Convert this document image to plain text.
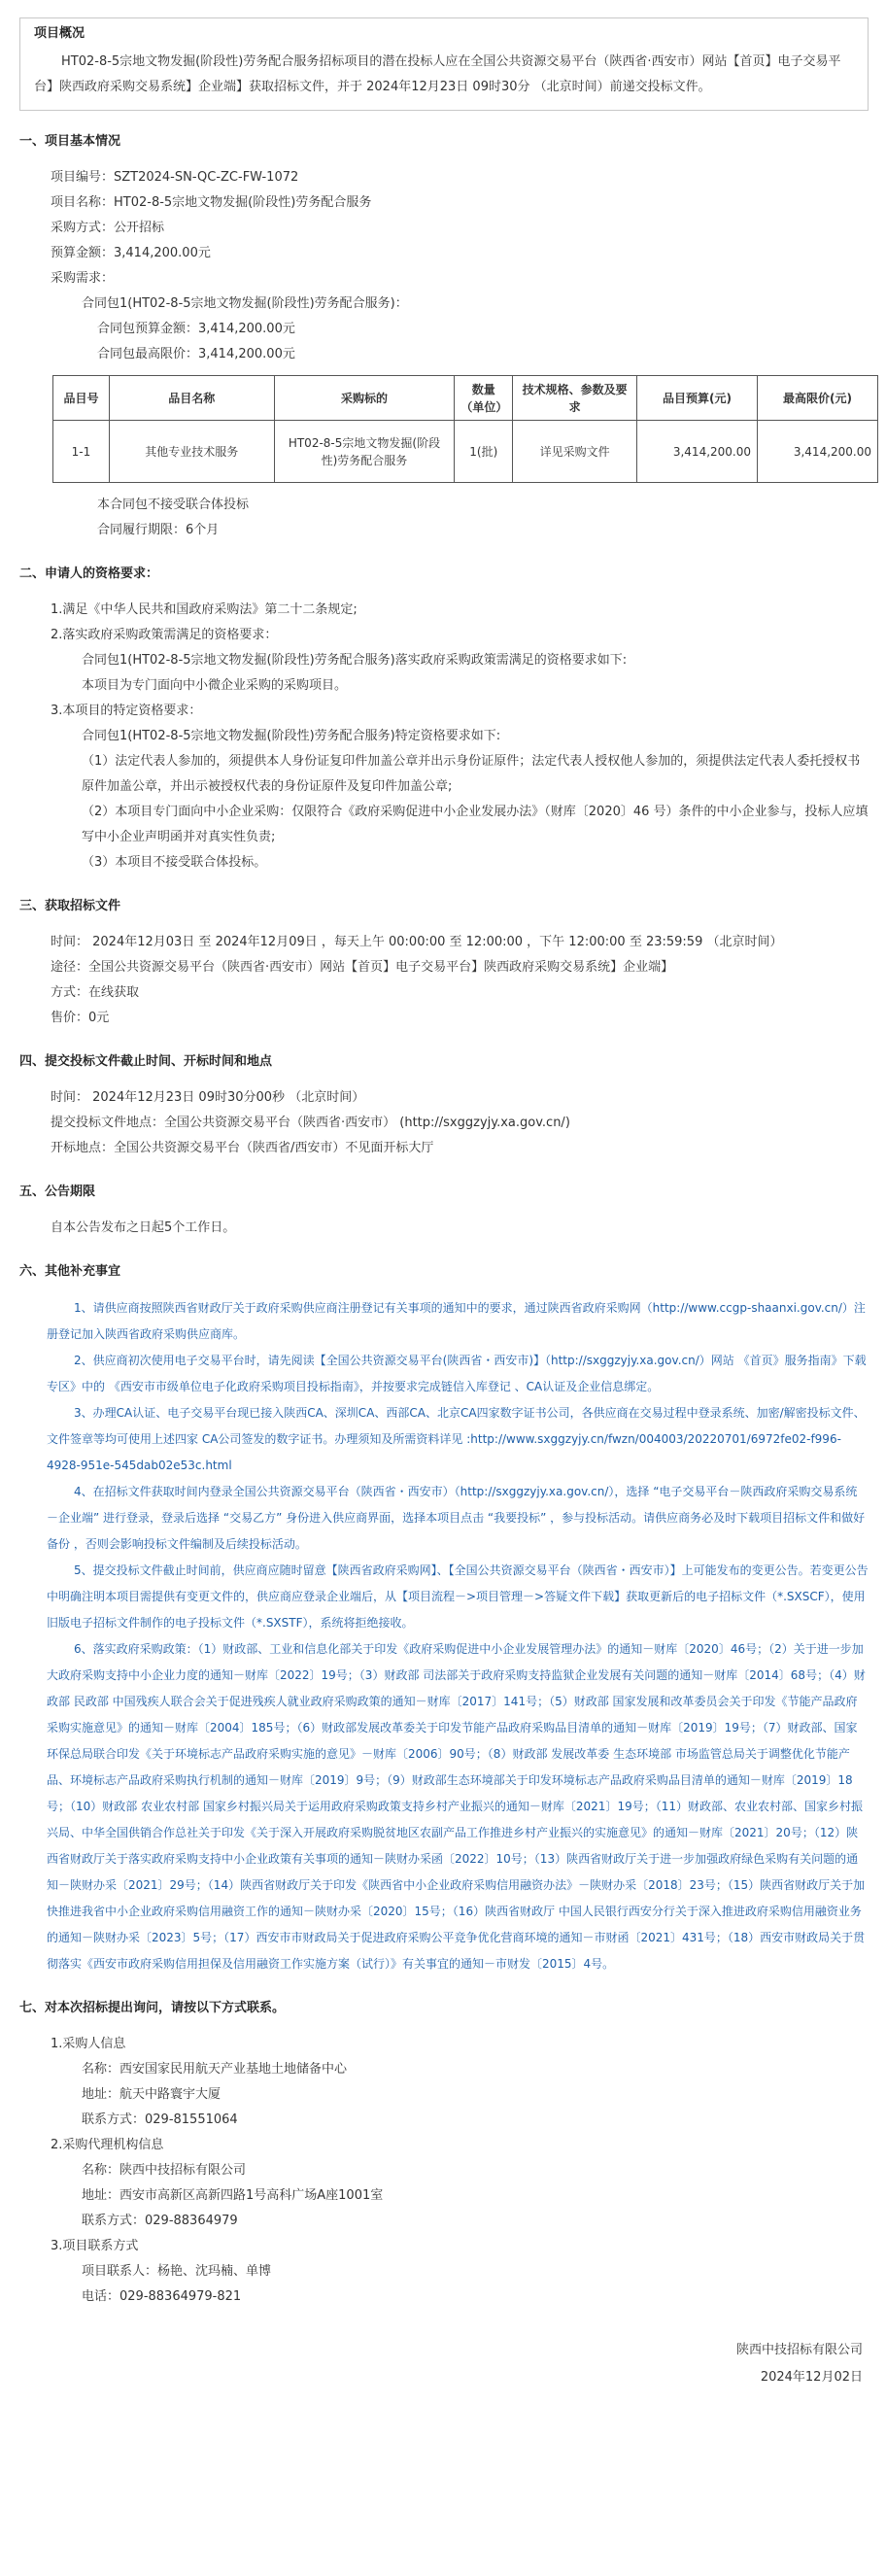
项目概况
HT02-8-5宗地文物发掘(阶段性)劳务配合服务招标项目的潜在投标人应在全国公共资源交易平台（陕西省·西安市）网站【首页】电子交易平台】陕西政府采购交易系统】企业端】获取招标文件，并于 2024年12月23日 09时30分 （北京时间）前递交投标文件。
一、项目基本情况
项目编号：SZT2024-SN-QC-ZC-FW-1072
项目名称：HT02-8-5宗地文物发掘(阶段性)劳务配合服务
采购方式：公开招标
预算金额：3,414,200.00元
采购需求：
合同包1(HT02-8-5宗地文物发掘(阶段性)劳务配合服务)：
合同包预算金额：3,414,200.00元
合同包最高限价：3,414,200.00元
品目号	品目名称	采购标的	数量（单位）	技术规格、参数及要求	品目预算(元)	最高限价(元)
1-1	其他专业技术服务	HT02-8-5宗地文物发掘(阶段性)劳务配合服务	1(批)	详见采购文件	3,414,200.00	3,414,200.00
本合同包不接受联合体投标
合同履行期限：6个月
二、申请人的资格要求：
1.满足《中华人民共和国政府采购法》第二十二条规定;
2.落实政府采购政策需满足的资格要求：
合同包1(HT02-8-5宗地文物发掘(阶段性)劳务配合服务)落实政府采购政策需满足的资格要求如下:
本项目为专门面向中小微企业采购的采购项目。
3.本项目的特定资格要求：
合同包1(HT02-8-5宗地文物发掘(阶段性)劳务配合服务)特定资格要求如下:
（1）法定代表人参加的，须提供本人身份证复印件加盖公章并出示身份证原件；法定代表人授权他人参加的，须提供法定代表人委托授权书原件加盖公章，并出示被授权代表的身份证原件及复印件加盖公章;
（2）本项目专门面向中小企业采购：仅限符合《政府采购促进中小企业发展办法》（财库〔2020〕46 号）条件的中小企业参与，投标人应填写中小企业声明函并对真实性负责;
（3）本项目不接受联合体投标。
三、获取招标文件
时间： 2024年12月03日 至 2024年12月09日 ，每天上午 00:00:00 至 12:00:00 ，下午 12:00:00 至 23:59:59 （北京时间）
途径：全国公共资源交易平台（陕西省·西安市）网站【首页】电子交易平台】陕西政府采购交易系统】企业端】
方式：在线获取
售价：0元
四、提交投标文件截止时间、开标时间和地点
时间： 2024年12月23日 09时30分00秒 （北京时间）
提交投标文件地点：全国公共资源交易平台（陕西省·西安市） (http://sxggzyjy.xa.gov.cn/)
开标地点：全国公共资源交易平台（陕西省/西安市）不见面开标大厅
五、公告期限
自本公告发布之日起5个工作日。
六、其他补充事宜
1、请供应商按照陕西省财政厅关于政府采购供应商注册登记有关事项的通知中的要求，通过陕西省政府采购网（http://www.ccgp-shaanxi.gov.cn/）注册登记加入陕西省政府采购供应商库。
2、供应商初次使用电子交易平台时，请先阅读【全国公共资源交易平台(陕西省・西安市)】（http://sxggzyjy.xa.gov.cn/）网站 《首页》服务指南》下载专区》中的 《西安市市级单位电子化政府采购项目投标指南》，并按要求完成链信入库登记 、CA认证及企业信息绑定。
3、办理CA认证、电子交易平台现已接入陕西CA、深圳CA、西部CA、北京CA四家数字证书公司，各供应商在交易过程中登录系统、加密/解密投标文件、文件签章等均可使用上述四家 CA公司签发的数字证书。办理须知及所需资料详见 :http://www.sxggzyjy.cn/fwzn/004003/20220701/6972fe02-f996-4928-951e-545dab02e53c.html
4、在招标文件获取时间内登录全国公共资源交易平台（陕西省・西安市）（http://sxggzyjy.xa.gov.cn/），选择 “电子交易平台－陕西政府采购交易系统－企业端” 进行登录，登录后选择 “交易乙方” 身份进入供应商界面，选择本项目点击 “我要投标” ，参与投标活动。请供应商务必及时下载项目招标文件和做好备份 ，否则会影响投标文件编制及后续投标活动。
5、提交投标文件截止时间前，供应商应随时留意【陕西省政府采购网】、【全国公共资源交易平台（陕西省・西安市）】上可能发布的变更公告。若变更公告中明确注明本项目需提供有变更文件的，供应商应登录企业端后，从【项目流程－>项目管理－>答疑文件下载】获取更新后的电子招标文件（*.SXSCF），使用旧版电子招标文件制作的电子投标文件（*.SXSTF），系统将拒绝接收。
6、落实政府采购政策：（1）财政部、工业和信息化部关于印发《政府采购促进中小企业发展管理办法》的通知－财库〔2020〕46号；（2）关于进一步加大政府采购支持中小企业力度的通知－财库〔2022〕19号；（3）财政部 司法部关于政府采购支持监狱企业发展有关问题的通知－财库〔2014〕68号；（4）财政部 民政部 中国残疾人联合会关于促进残疾人就业政府采购政策的通知－财库〔2017〕141号；（5）财政部 国家发展和改革委员会关于印发《节能产品政府采购实施意见》的通知－财库〔2004〕185号；（6）财政部发展改革委关于印发节能产品政府采购品目清单的通知－财库〔2019〕19号；（7）财政部、国家环保总局联合印发《关于环境标志产品政府采购实施的意见》－财库〔2006〕90号；（8）财政部 发展改革委 生态环境部 市场监管总局关于调整优化节能产品、环境标志产品政府采购执行机制的通知－财库〔2019〕9号；（9）财政部生态环境部关于印发环境标志产品政府采购品目清单的通知－财库〔2019〕18号；（10）财政部 农业农村部 国家乡村振兴局关于运用政府采购政策支持乡村产业振兴的通知－财库〔2021〕19号；（11）财政部、农业农村部、国家乡村振兴局、中华全国供销合作总社关于印发《关于深入开展政府采购脱贫地区农副产品工作推进乡村产业振兴的实施意见》的通知－财库〔2021〕20号；（12）陕西省财政厅关于落实政府采购支持中小企业政策有关事项的通知－陕财办采函〔2022〕10号；（13）陕西省财政厅关于进一步加强政府绿色采购有关问题的通知－陕财办采〔2021〕29号；（14）陕西省财政厅关于印发《陕西省中小企业政府采购信用融资办法》－陕财办采〔2018〕23号；（15）陕西省财政厅关于加快推进我省中小企业政府采购信用融资工作的通知－陕财办采〔2020〕15号；（16）陕西省财政厅 中国人民银行西安分行关于深入推进政府采购信用融资业务的通知－陕财办采〔2023〕5号；（17）西安市市财政局关于促进政府采购公平竞争优化营商环境的通知－市财函〔2021〕431号；（18）西安市财政局关于贯彻落实《西安市政府采购信用担保及信用融资工作实施方案（试行）》有关事宜的通知－市财发〔2015〕4号。
七、对本次招标提出询问，请按以下方式联系。
1.采购人信息
名称：西安国家民用航天产业基地土地储备中心
地址：航天中路寰宇大厦
联系方式：029-81551064
2.采购代理机构信息
名称：陕西中技招标有限公司
地址：西安市高新区高新四路1号高科广场A座1001室
联系方式：029-88364979
3.项目联系方式
项目联系人：杨艳、沈玛楠、单博
电话：029-88364979-821
陕西中技招标有限公司
2024年12月02日
